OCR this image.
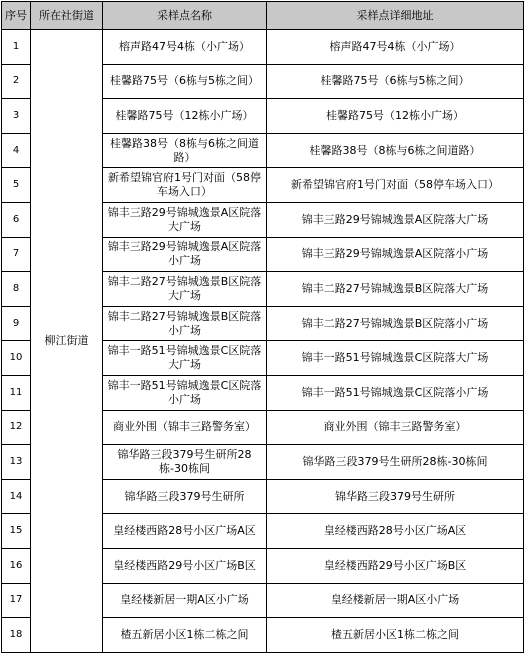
序号	所在社街道	采样点名称	采样点详细地址
1	柳江街道	榕声路47号4栋（小广场）	榕声路47号4栋（小广场）
2		桂馨路75号（6栋与5栋之间）	桂馨路75号（6栋与5栋之间）
3		桂馨路75号（12栋小广场）	桂馨路75号（12栋小广场）
4		桂馨路38号（8栋与6栋之间道路）	桂馨路38号（8栋与6栋之间道路）
5		新希望锦官府1号门对面（58停车场入口）	新希望锦官府1号门对面（58停车场入口）
6		锦丰三路29号锦城逸景A区院落大广场	锦丰三路29号锦城逸景A区院落大广场
7		锦丰三路29号锦城逸景A区院落小广场	锦丰三路29号锦城逸景A区院落小广场
8		锦丰二路27号锦城逸景B区院落大广场	锦丰二路27号锦城逸景B区院落大广场
9		锦丰二路27号锦城逸景B区院落小广场	锦丰二路27号锦城逸景B区院落小广场
10		锦丰一路51号锦城逸景C区院落大广场	锦丰一路51号锦城逸景C区院落大广场
11		锦丰一路51号锦城逸景C区院落小广场	锦丰一路51号锦城逸景C区院落小广场
12		商业外围（锦丰三路警务室）	商业外围（锦丰三路警务室）
13		锦华路三段379号生研所28栋-30栋间	锦华路三段379号生研所28栋-30栋间
14		锦华路三段379号生研所	锦华路三段379号生研所
15		皇经楼西路28号小区广场A区	皇经楼西路28号小区广场A区
16		皇经楼西路29号小区广场B区	皇经楼西路29号小区广场B区
17		皇经楼新居一期A区小广场	皇经楼新居一期A区小广场
18		楂五新居小区1栋二栋之间	楂五新居小区1栋二栋之间
